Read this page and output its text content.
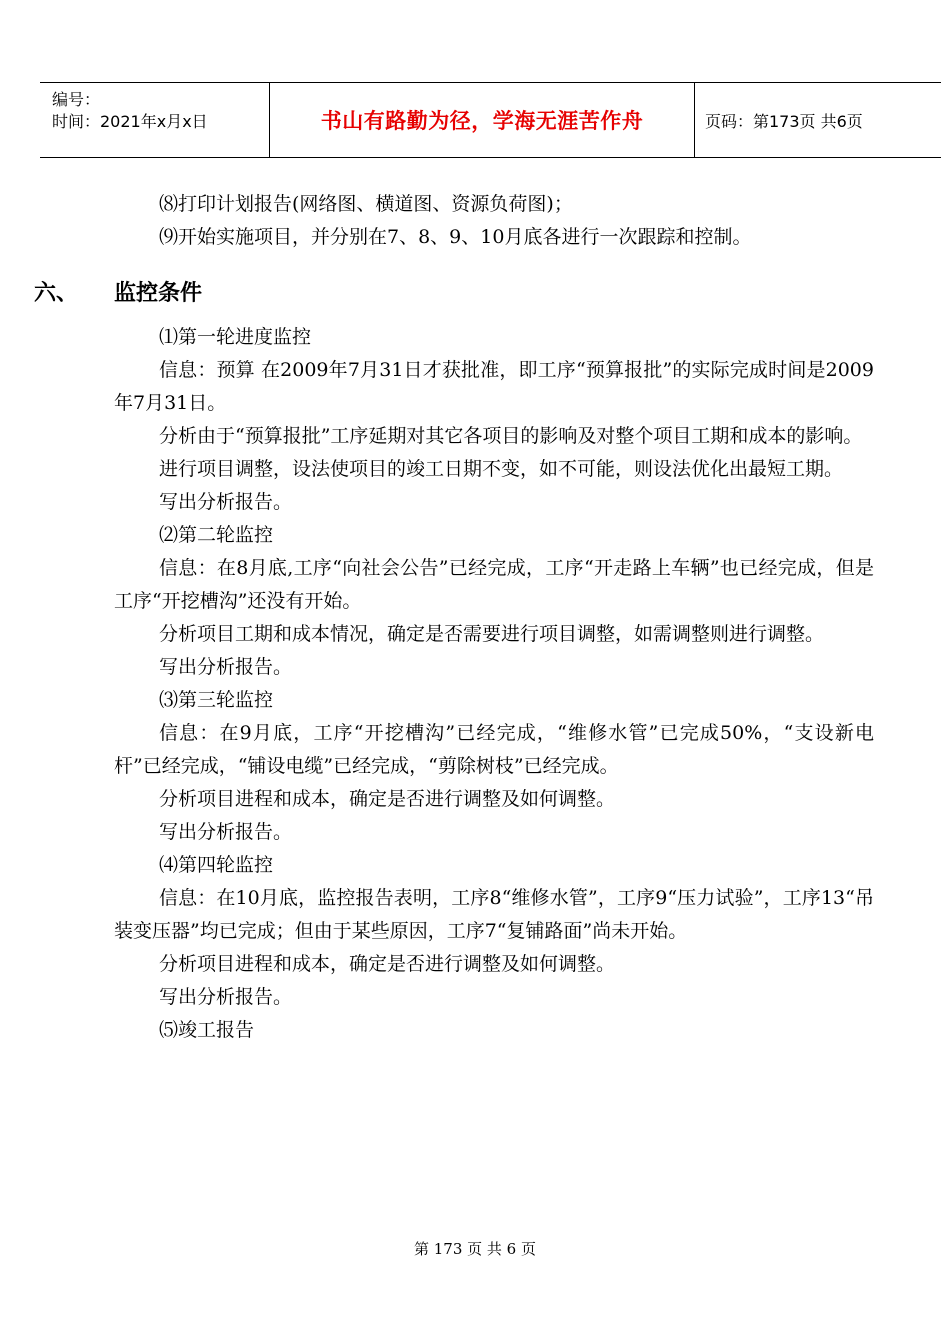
编号：
时间：2021年x月x日	书山有路勤为径，学海无涯苦作舟	页码：第173页 共6页

⑻打印计划报告(网络图、横道图、资源负荷图)；

⑼开始实施项目，并分别在7、8、9、10月底各进行一次跟踪和控制。

六、	监控条件

⑴第一轮进度监控

信息：预算 在2009年7月31日才获批准，即工序“预算报批”的实际完成时间是2009年7月31日。

分析由于“预算报批”工序延期对其它各项目的影响及对整个项目工期和成本的影响。

进行项目调整，设法使项目的竣工日期不变，如不可能，则设法优化出最短工期。

写出分析报告。

⑵第二轮监控

信息：在8月底,工序“向社会公告”已经完成，工序“开走路上车辆”也已经完成，但是工序“开挖槽沟”还没有开始。

分析项目工期和成本情况，确定是否需要进行项目调整，如需调整则进行调整。

写出分析报告。

⑶第三轮监控

信息：在9月底，工序“开挖槽沟”已经完成，“维修水管”已完成50%，“支设新电杆”已经完成，“铺设电缆”已经完成，“剪除树枝”已经完成。

分析项目进程和成本，确定是否进行调整及如何调整。

写出分析报告。

⑷第四轮监控

信息：在10月底，监控报告表明，工序8“维修水管”，工序9“压力试验”，工序13“吊装变压器”均已完成；但由于某些原因，工序7“复铺路面”尚未开始。

分析项目进程和成本，确定是否进行调整及如何调整。

写出分析报告。

⑸竣工报告

第 173 页 共 6 页
